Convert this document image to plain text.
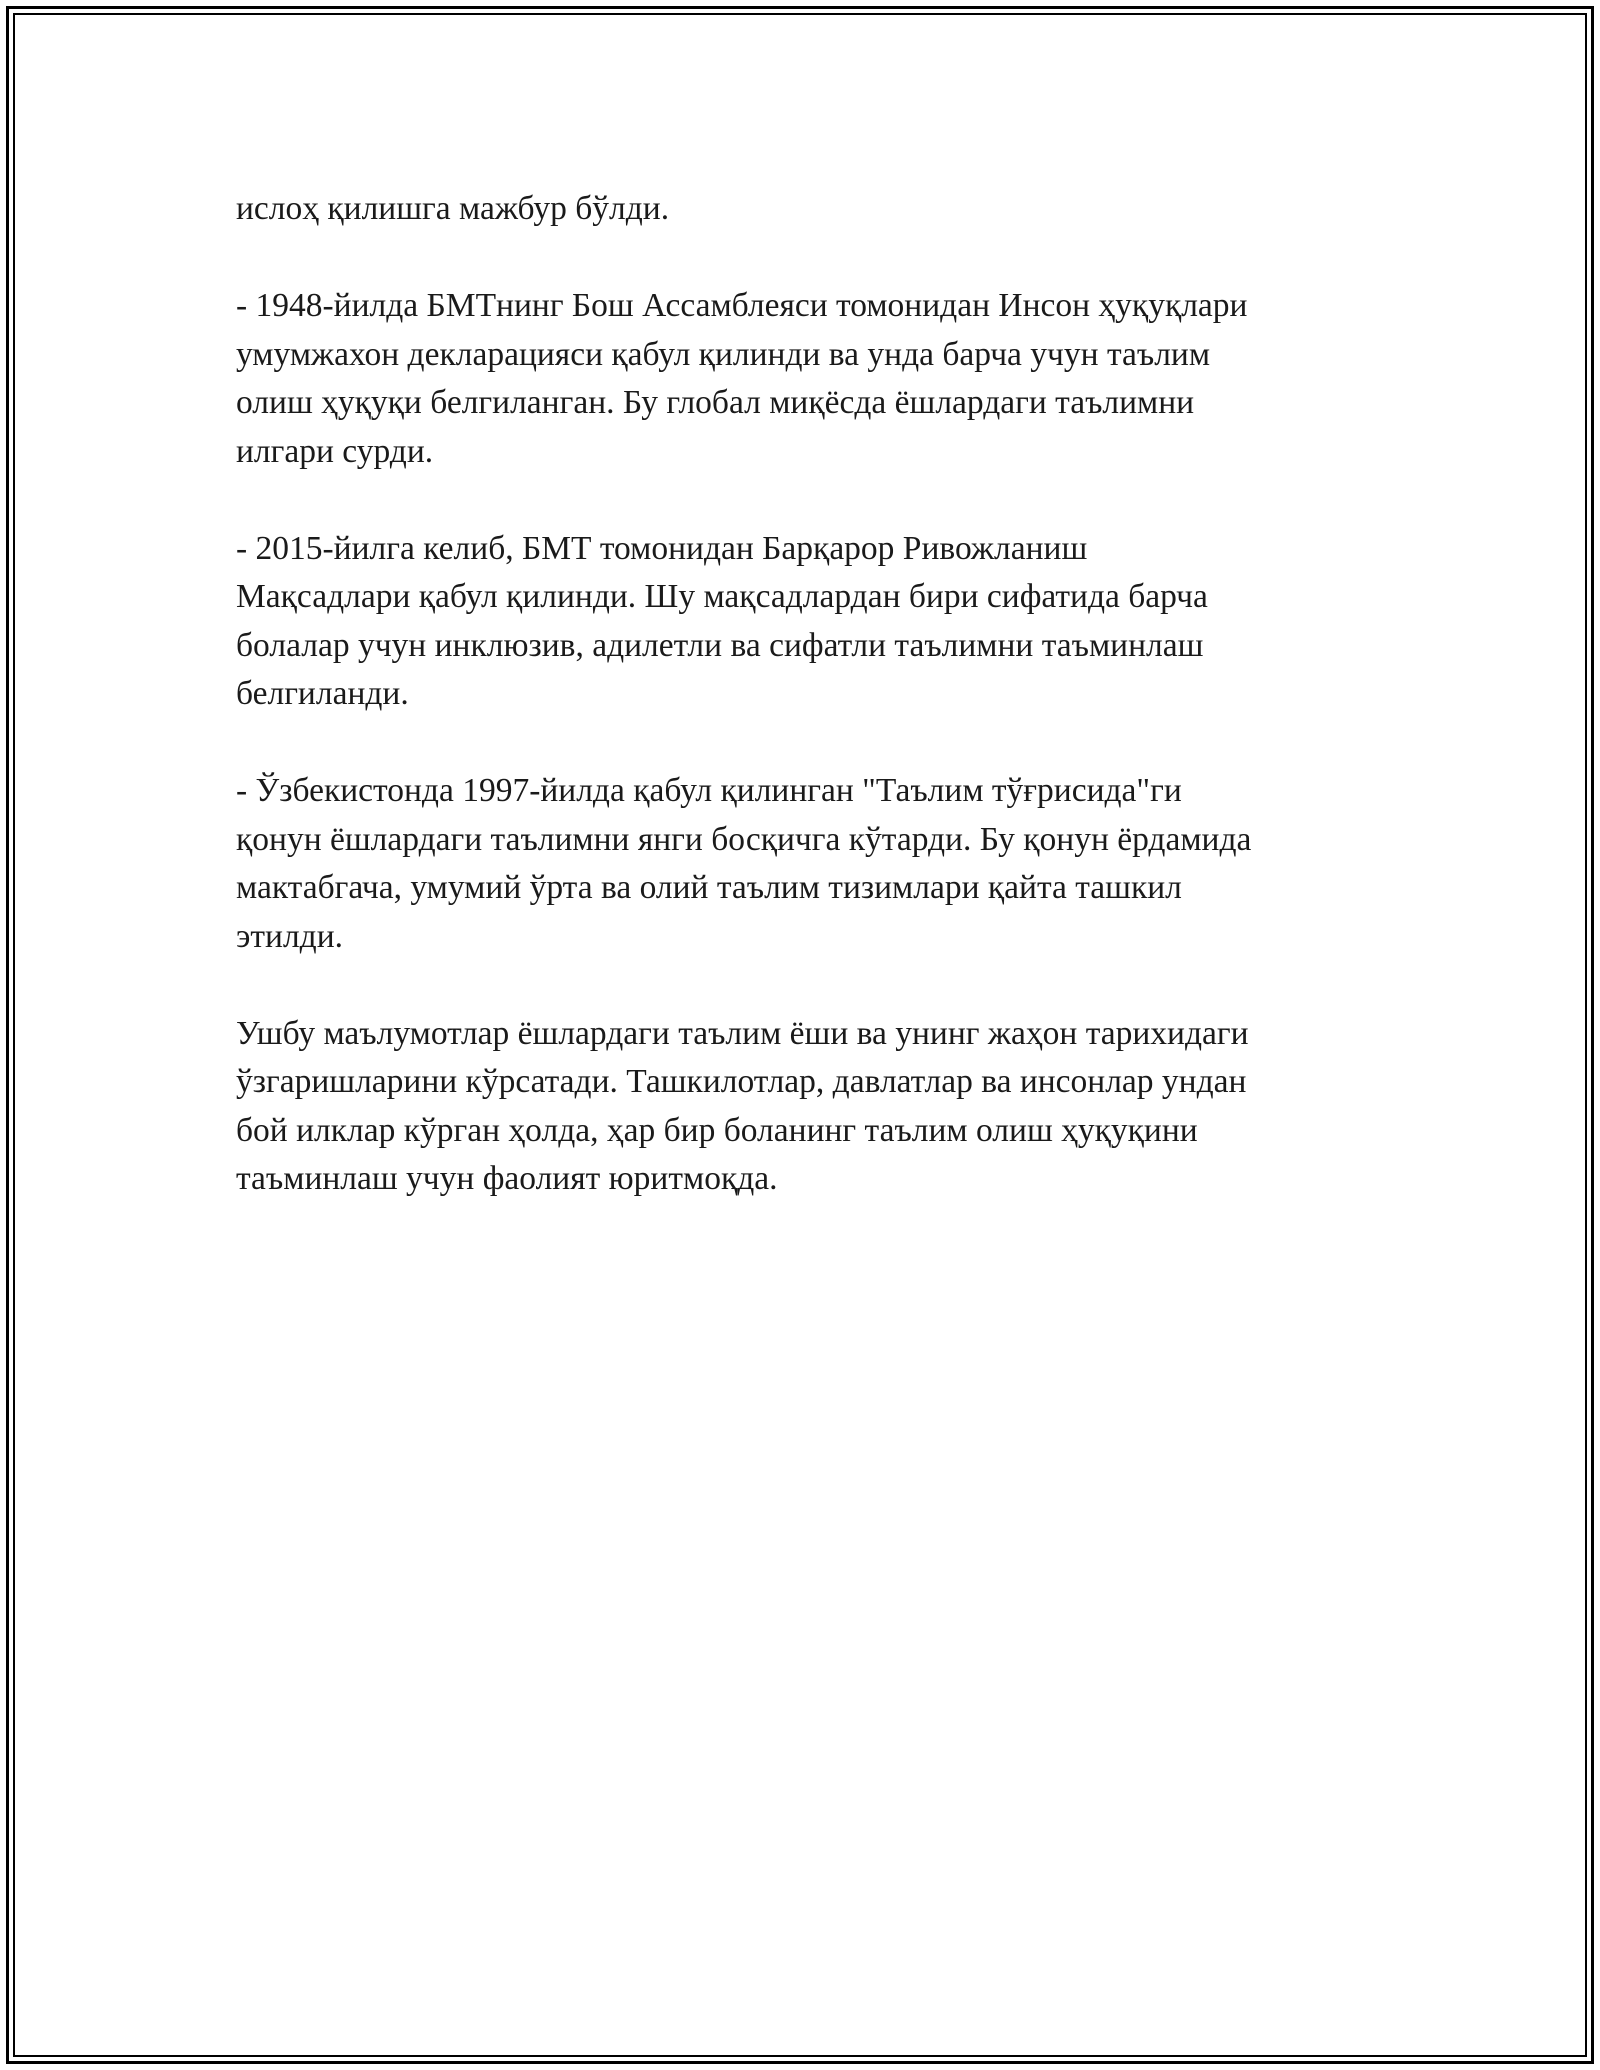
ислоҳ қилишга мажбур бўлди.

- 1948-йилда БМТнинг Бош Ассамблеяси томонидан Инсон ҳуқуқлари
умумжахон декларацияси қабул қилинди ва унда барча учун таълим
олиш ҳуқуқи белгиланган. Бу глобал миқёсда ёшлардаги таълимни
илгари сурди.

- 2015-йилга келиб, БМТ томонидан Барқарор Ривожланиш
Мақсадлари қабул қилинди. Шу мақсадлардан бири сифатида барча
болалар учун инклюзив, адилетли ва сифатли таълимни таъминлаш
белгиланди.

- Ўзбекистонда 1997-йилда қабул қилинган "Таълим тўғрисида"ги
қонун ёшлардаги таълимни янги босқичга кўтарди. Бу қонун ёрдамида
мактабгача, умумий ўрта ва олий таълим тизимлари қайта ташкил
этилди.

Ушбу маълумотлар ёшлардаги таълим ёши ва унинг жаҳон тарихидаги
ўзгаришларини кўрсатади. Ташкилотлар, давлатлар ва инсонлар ундан
бой илклар кўрган ҳолда, ҳар бир боланинг таълим олиш ҳуқуқини
таъминлаш учун фаолият юритмоқда.
